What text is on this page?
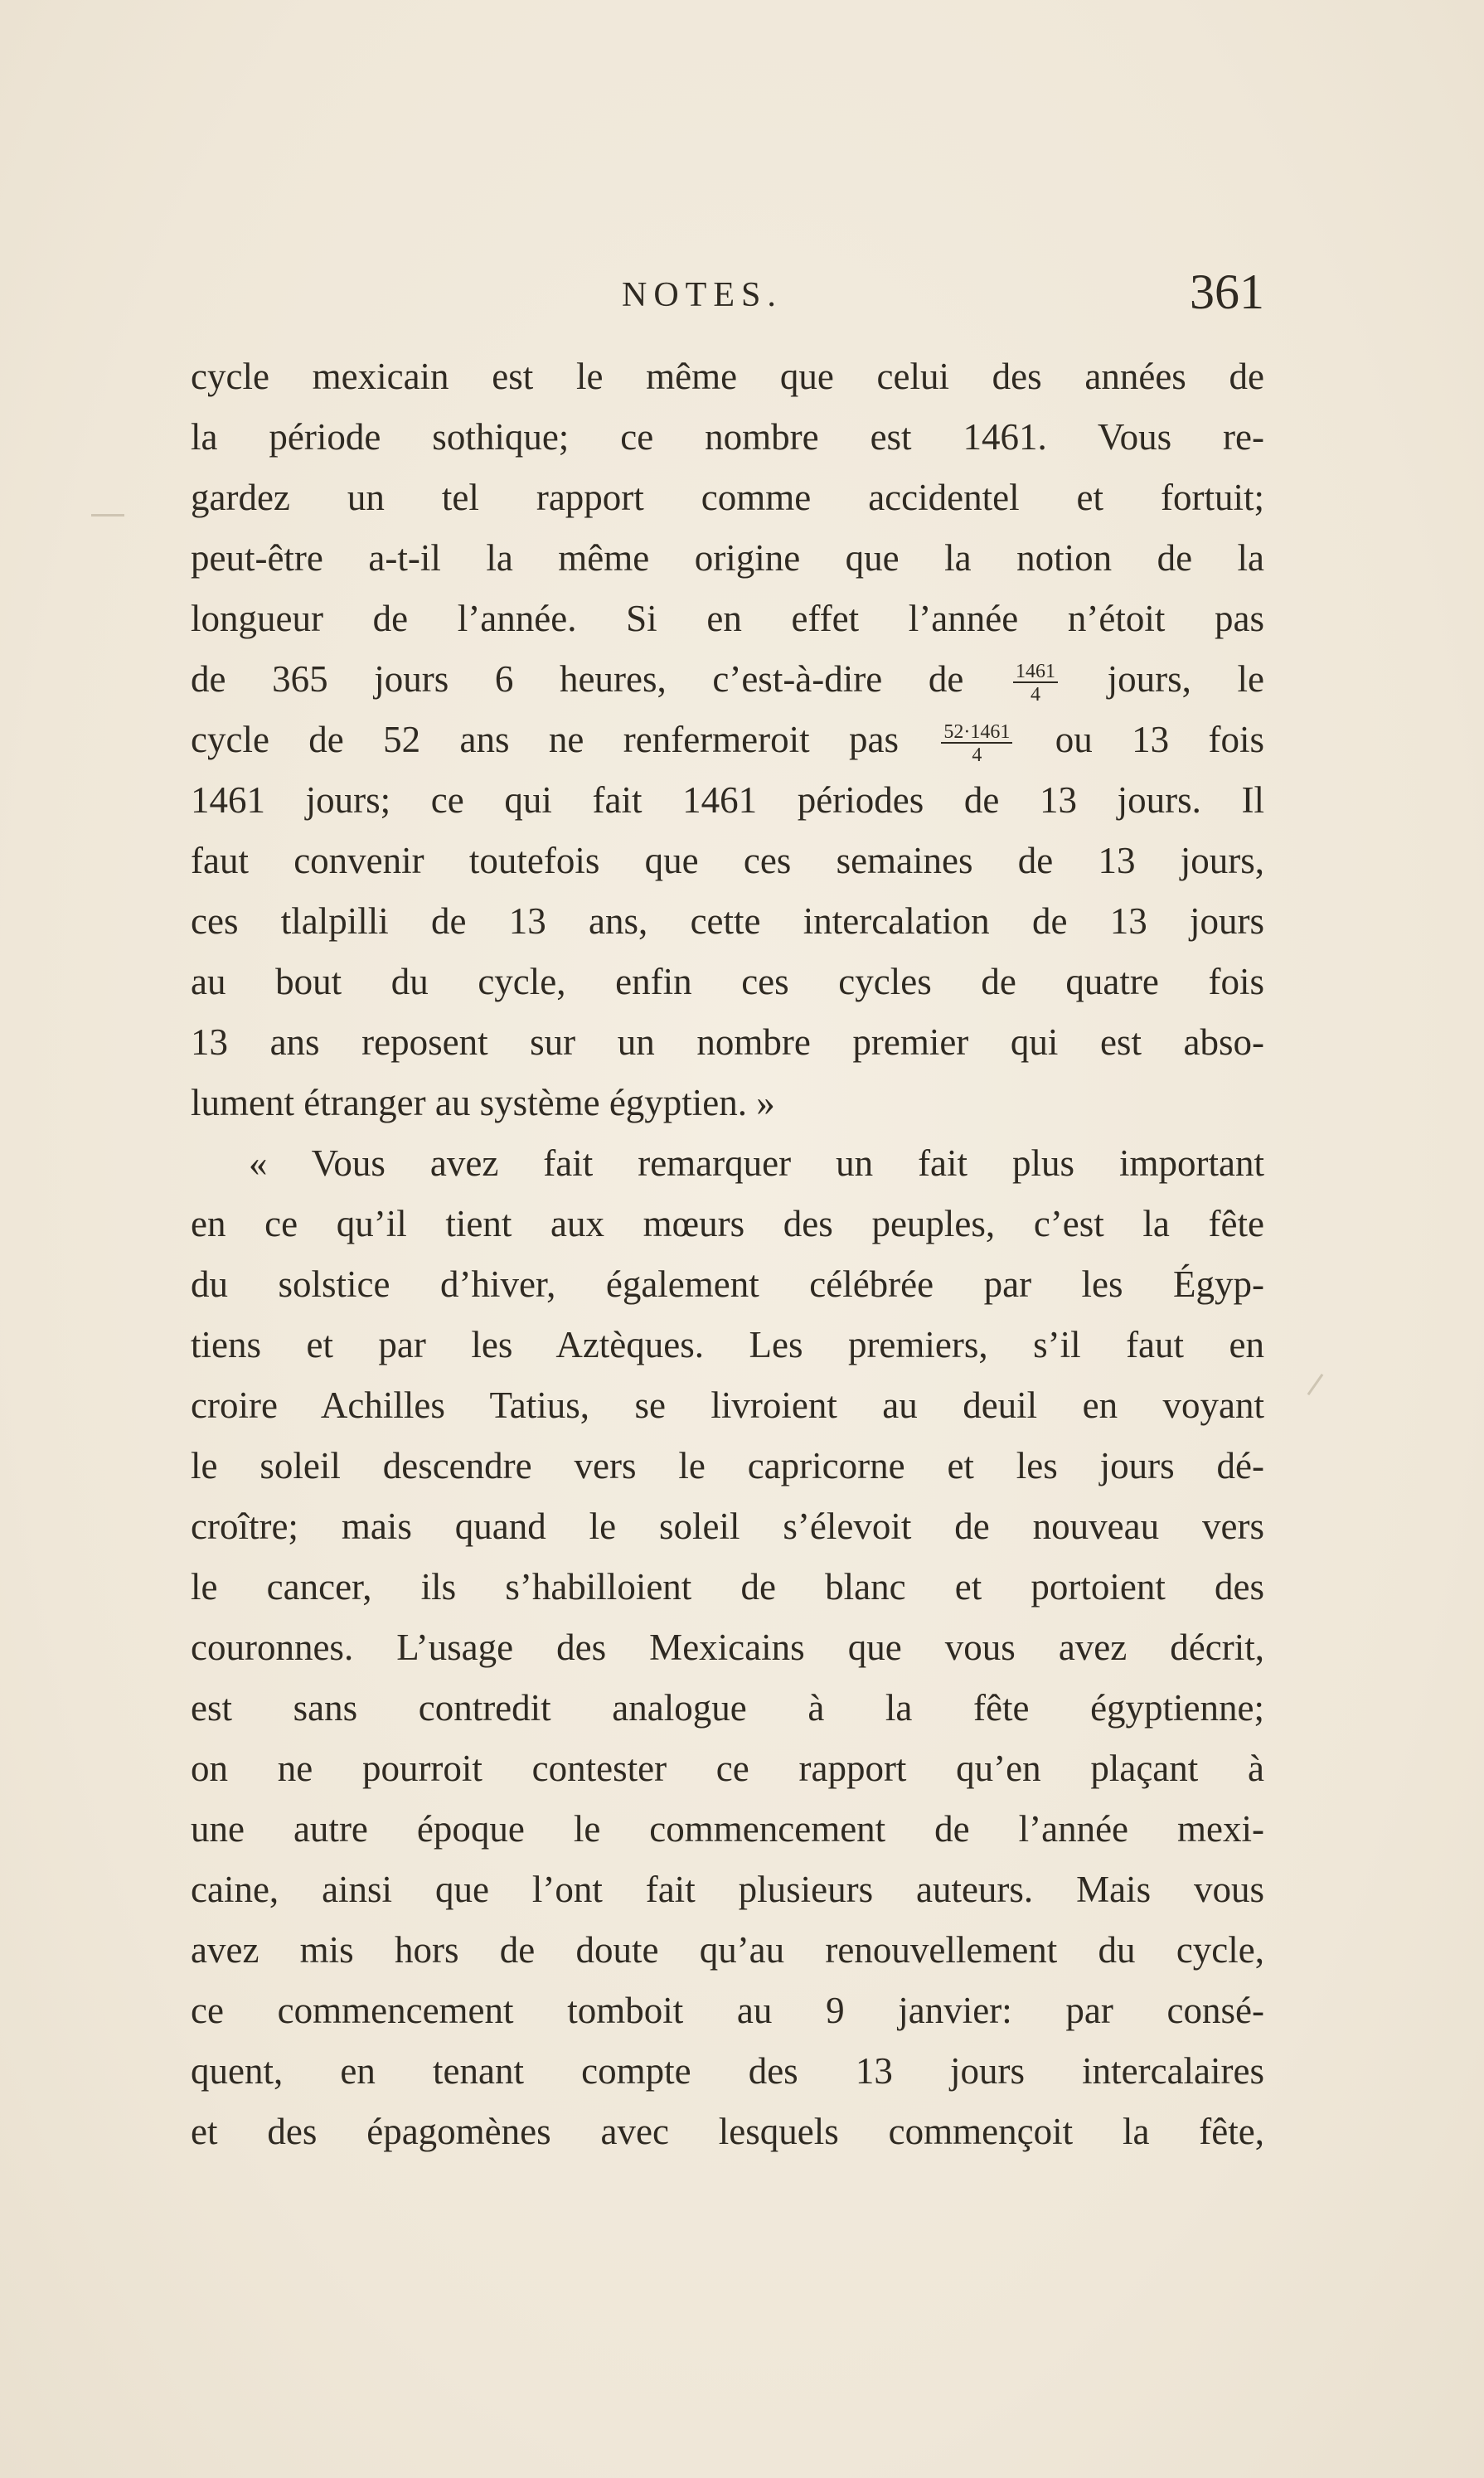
NOTES.	361
cycle mexicain est le même que celui des années de
la période sothique; ce nombre est 1461. Vous re-
gardez un tel rapport comme accidentel et fortuit;
peut-être a-t-il la même origine que la notion de la
longueur de l’année. Si en effet l’année n’étoit pas
de 365 jours 6 heures, c’est-à-dire de $\frac{1461}{4}$ jours, le
cycle de 52 ans ne renfermeroit pas $\frac{52\cdot 1461}{4}$ ou 13 fois
1461 jours; ce qui fait 1461 périodes de 13 jours. Il
faut convenir toutefois que ces semaines de 13 jours,
ces tlalpilli de 13 ans, cette intercalation de 13 jours
au bout du cycle, enfin ces cycles de quatre fois
13 ans reposent sur un nombre premier qui est abso-
lument étranger au système égyptien. »
« Vous avez fait remarquer un fait plus important
en ce qu’il tient aux mœurs des peuples, c’est la fête
du solstice d’hiver, également célébrée par les Égyp-
tiens et par les Aztèques. Les premiers, s’il faut en
croire Achilles Tatius, se livroient au deuil en voyant
le soleil descendre vers le capricorne et les jours dé-
croître; mais quand le soleil s’élevoit de nouveau vers
le cancer, ils s’habilloient de blanc et portoient des
couronnes. L’usage des Mexicains que vous avez décrit,
est sans contredit analogue à la fête égyptienne;
on ne pourroit contester ce rapport qu’en plaçant à
une autre époque le commencement de l’année mexi-
caine, ainsi que l’ont fait plusieurs auteurs. Mais vous
avez mis hors de doute qu’au renouvellement du cycle,
ce commencement tomboit au 9 janvier: par consé-
quent, en tenant compte des 13 jours intercalaires
et des épagomènes avec lesquels commençoit la fête,
